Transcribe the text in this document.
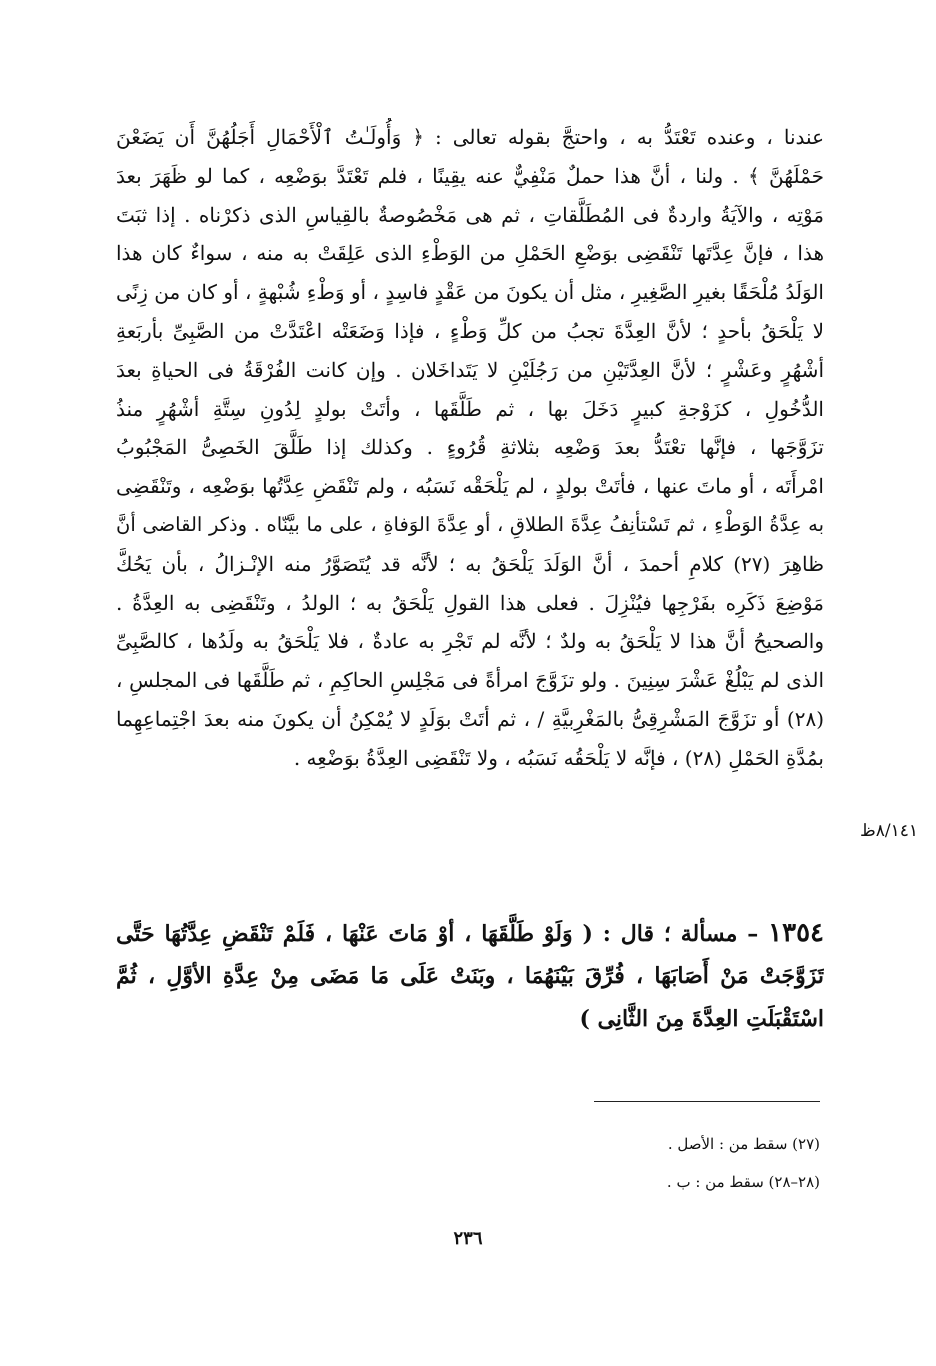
عندنا ، وعنده تَعْتَدُّ به ، واحتجَّ بقوله تعالى : ﴿ وَأُولَـٰتُ ٱلْأَحْمَالِ أَجَلُهُنَّ أَن يَضَعْنَ
حَمْلَهُنَّ ﴾ . ولنا ، أنَّ هذا حملٌ مَنْفِيٌّ عنه يقِينًا ، فلم تَعْتَدَّ بوَضْعِه ، كما لو ظَهَرَ بعدَ
مَوْتِه ، والآيَةُ واردةٌ فى المُطَلَّقاتِ ، ثم هى مَخْصُوصةٌ بالقِياسِ الذى ذكرْناه . إذا ثبَتَ
هذا ، فإنَّ عِدَّتَها تَنْقَضِى بوَضْعِ الحَمْلِ من الوَطْءِ الذى عَلِقَتْ به منه ، سواءٌ كان هذا
الوَلَدُ مُلْحَقًا بغيرِ الصَّغِيرِ ، مثل أن يكونَ من عَقْدٍ فاسِدٍ ، أو وَطْءِ شُبْهةٍ ، أو كان من زِنًى
لا يَلْحَقُ بأحدٍ ؛ لأنَّ العِدَّةَ تجبُ من كلِّ وَطْءٍ ، فإذا وَضَعَتْه اعْتَدَّتْ من الصَّبِىِّ بأربَعةِ
أشْهُرٍ وعَشْرٍ ؛ لأنَّ العِدَّتَيْنِ من رَجُلَيْنِ لا يَتَداخَلان . وإن كانت الفُرْقَةُ فى الحياةِ بعدَ
الدُّخُولِ ، كزَوْجةِ كبيرٍ دَخَلَ بها ، ثم طَلَّقَها ، وأتَتْ بولدٍ لِدُونِ سِتَّةِ أشْهُرٍ منذُ
تزَوَّجَها ، فإنَّها تعْتَدُّ بعدَ وَضْعِه بثلاثةِ قُرُوءٍ . وكذلك إذا طَلَّقَ الخَصِىُّ المَجْبُوبُ
امْرأَتَه ، أو ماتَ عنها ، فأتَتْ بولدٍ ، لم يَلْحَقْه نَسَبُه ، ولم تَنْقَضِ عِدَّتُها بوَضْعِه ، وتَنْقَضِى
به عِدَّةُ الوَطْءِ ، ثم تَسْتأنِفُ عِدَّةَ الطلاقِ ، أو عِدَّةَ الوَفاةِ ، على ما بيَّنّاه . وذكر القاضى أنَّ
ظاهِرَ (٢٧) كلامِ أحمدَ ، أنَّ الوَلَدَ يَلْحَقُ به ؛ لأنَّه قد يُتَصَوَّرُ منه الإنْـزالُ ، بأن يَحُكَّ
مَوْضِعَ ذَكَرِه بفَرْجِها فيُنْزِلَ . فعلى هذا القولِ يَلْحَقُ به ؛ الولدُ ، وتَنْقَضِى به العِدَّةُ .
والصحيحُ أنَّ هذا لا يَلْحَقُ به ولدٌ ؛ لأنَّه لم تَجْرِ به عادةٌ ، فلا يَلْحَقُ به ولَدُها ، كالصَّبِىِّ
الذى لم يَبْلُغْ عَشْرَ سِنِينَ . ولو تزَوَّجَ امرأةً فى مَجْلِسِ الحاكِمِ ، ثم طَلَّقَها فى المجلسِ ،
(٢٨) أو تزَوَّجَ المَشْرِقِىُّ بالمَغْرِبيَّةِ / ، ثم أتَتْ بوَلَدٍ لا يُمْكِنُ أن يكونَ منه بعدَ اجْتِماعِهِما
بمُدَّةِ الحَمْلِ (٢٨) ، فإنَّه لا يَلْحَقُه نَسَبُه ، ولا تَنْقَضِى العِدَّةُ بوَضْعِه .
٨/١٤١ظ
١٣٥٤ – مسألة ؛ قال : ( وَلَوْ طَلَّقَهَا ، أوْ مَاتَ عَنْهَا ، فَلَمْ تَنْقَضِ عِدَّتُهَا حَتَّى
تَزَوَّجَتْ مَنْ أَصَابَهَا ، فُرِّقَ بَيْنَهُمَا ، وبَنَتْ عَلَى مَا مَضَى مِنْ عِدَّةِ الأوَّلِ ، ثُمَّ
اسْتَقْبَلَتِ العِدَّةَ مِنَ الثَّانِى )
(٢٧) سقط من : الأصل .
(٢٨–٢٨) سقط من : ب .
٢٣٦
